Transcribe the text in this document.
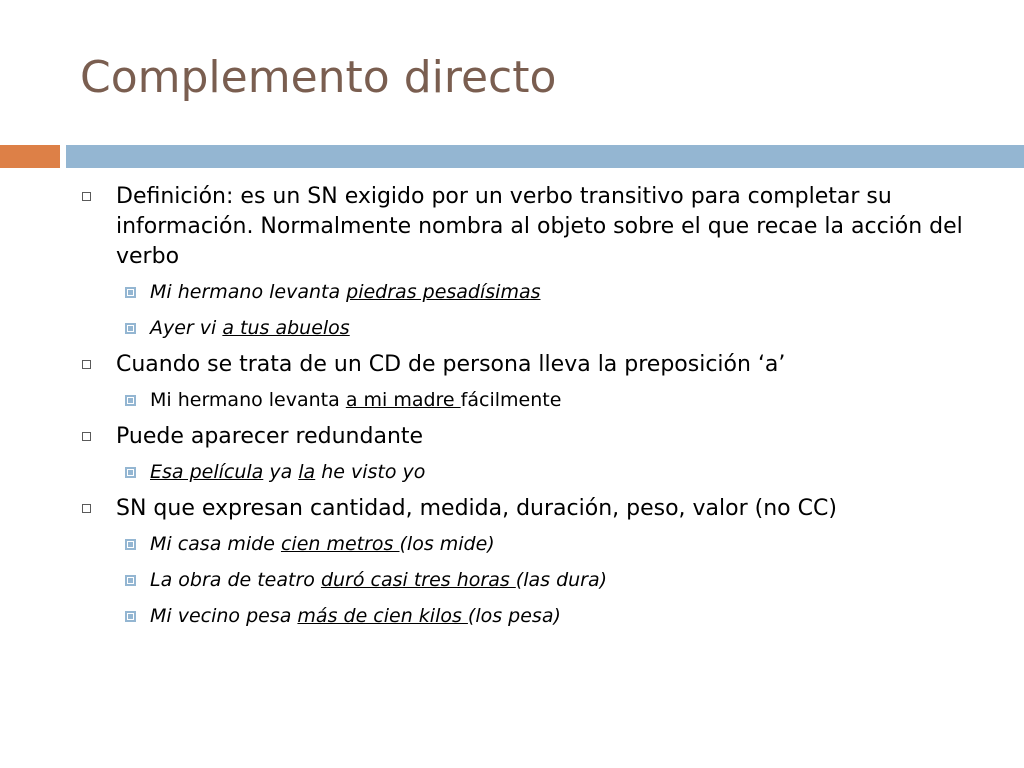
Complemento directo
Definición: es un SN exigido por un verbo transitivo para completar su información. Normalmente nombra al objeto sobre el que recae la acción del verbo
Mi hermano levanta piedras pesadísimas
Ayer vi a tus abuelos
Cuando se trata de un CD de persona lleva la preposición ‘a’
Mi hermano levanta a mi madre fácilmente
Puede aparecer redundante
Esa película ya la he visto yo
SN que expresan cantidad, medida, duración, peso, valor (no CC)
Mi casa mide cien metros (los mide)
La obra de teatro duró casi tres horas (las dura)
Mi vecino pesa más de cien kilos (los pesa)
